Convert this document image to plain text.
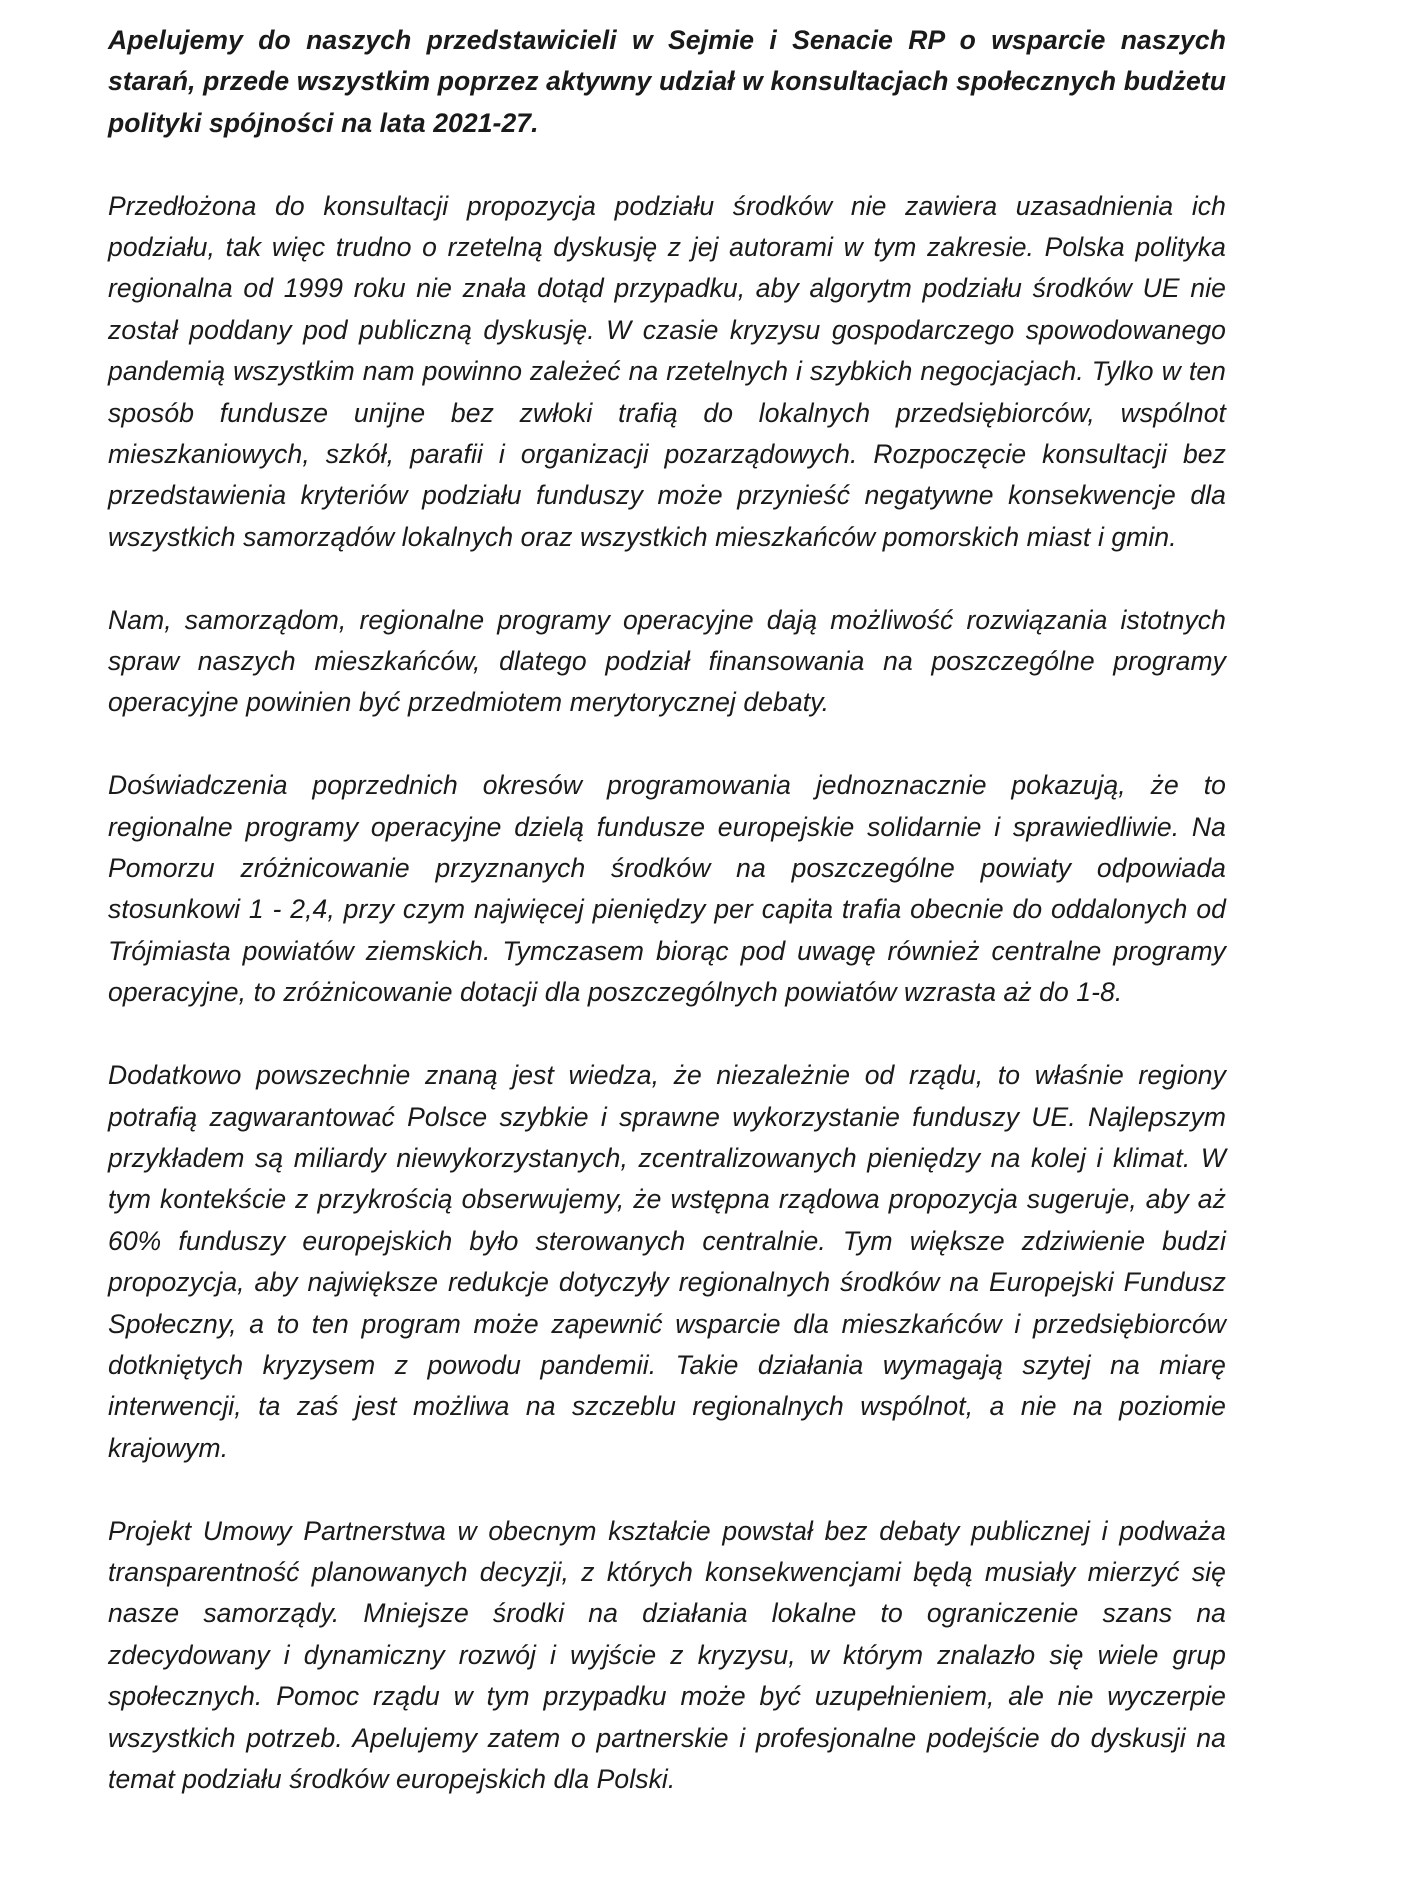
Apelujemy do naszych przedstawicieli w Sejmie i Senacie RP o wsparcie naszych starań, przede wszystkim poprzez aktywny udział w konsultacjach społecznych budżetu polityki spójności na lata 2021-27.

Przedłożona do konsultacji propozycja podziału środków nie zawiera uzasadnienia ich podziału, tak więc trudno o rzetelną dyskusję z jej autorami w tym zakresie. Polska polityka regionalna od 1999 roku nie znała dotąd przypadku, aby algorytm podziału środków UE nie został poddany pod publiczną dyskusję. W czasie kryzysu gospodarczego spowodowanego pandemią wszystkim nam powinno zależeć na rzetelnych i szybkich negocjacjach. Tylko w ten sposób fundusze unijne bez zwłoki trafią do lokalnych przedsiębiorców, wspólnot mieszkaniowych, szkół, parafii i organizacji pozarządowych. Rozpoczęcie konsultacji bez przedstawienia kryteriów podziału funduszy może przynieść negatywne konsekwencje dla wszystkich samorządów lokalnych oraz wszystkich mieszkańców pomorskich miast i gmin.

Nam, samorządom, regionalne programy operacyjne dają możliwość rozwiązania istotnych spraw naszych mieszkańców, dlatego podział finansowania na poszczególne programy operacyjne powinien być przedmiotem merytorycznej debaty.

Doświadczenia poprzednich okresów programowania jednoznacznie pokazują, że to regionalne programy operacyjne dzielą fundusze europejskie solidarnie i sprawiedliwie. Na Pomorzu zróżnicowanie przyznanych środków na poszczególne powiaty odpowiada stosunkowi 1 - 2,4, przy czym najwięcej pieniędzy per capita trafia obecnie do oddalonych od Trójmiasta powiatów ziemskich. Tymczasem biorąc pod uwagę również centralne programy operacyjne, to zróżnicowanie dotacji dla poszczególnych powiatów wzrasta aż do 1-8.

Dodatkowo powszechnie znaną jest wiedza, że niezależnie od rządu, to właśnie regiony potrafią zagwarantować Polsce szybkie i sprawne wykorzystanie funduszy UE. Najlepszym przykładem są miliardy niewykorzystanych, zcentralizowanych pieniędzy na kolej i klimat. W tym kontekście z przykrością obserwujemy, że wstępna rządowa propozycja sugeruje, aby aż 60% funduszy europejskich było sterowanych centralnie. Tym większe zdziwienie budzi propozycja, aby największe redukcje dotyczyły regionalnych środków na Europejski Fundusz Społeczny, a to ten program może zapewnić wsparcie dla mieszkańców i przedsiębiorców dotkniętych kryzysem z powodu pandemii. Takie działania wymagają szytej na miarę interwencji, ta zaś jest możliwa na szczeblu regionalnych wspólnot, a nie na poziomie krajowym.

Projekt Umowy Partnerstwa w obecnym kształcie powstał bez debaty publicznej i podważa transparentność planowanych decyzji, z których konsekwencjami będą musiały mierzyć się nasze samorządy. Mniejsze środki na działania lokalne to ograniczenie szans na zdecydowany i dynamiczny rozwój i wyjście z kryzysu, w którym znalazło się wiele grup społecznych. Pomoc rządu w tym przypadku może być uzupełnieniem, ale nie wyczerpie wszystkich potrzeb. Apelujemy zatem o partnerskie i profesjonalne podejście do dyskusji na temat podziału środków europejskich dla Polski.
